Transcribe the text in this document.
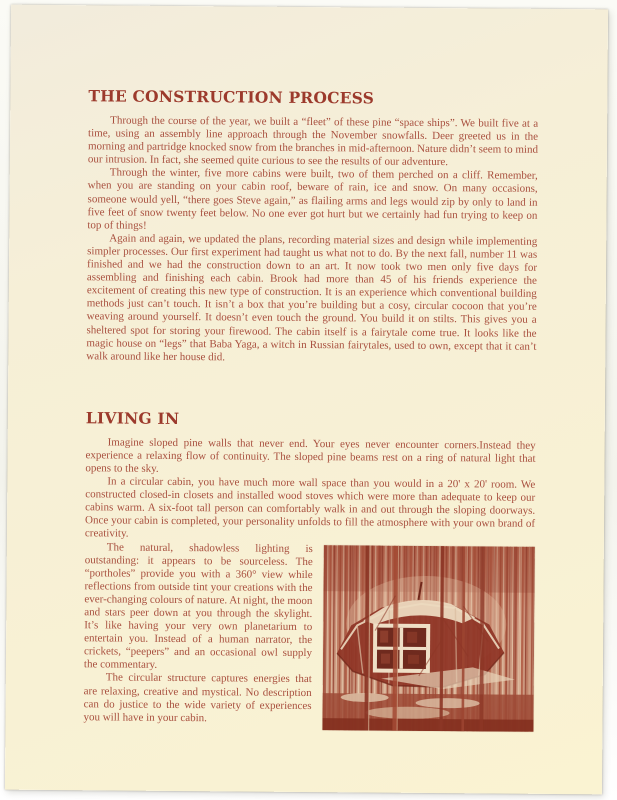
THE CONSTRUCTION PROCESS

Through the course of the year, we built a “fleet” of these pine “space ships”. We built five at a time, using an assembly line approach through the November snowfalls. Deer greeted us in the morning and partridge knocked snow from the branches in mid-afternoon. Nature didn’t seem to mind our intrusion. In fact, she seemed quite curious to see the results of our adventure.

Through the winter, five more cabins were built, two of them perched on a cliff. Remember, when you are standing on your cabin roof, beware of rain, ice and snow. On many occasions, someone would yell, “there goes Steve again,” as flailing arms and legs would zip by only to land in five feet of snow twenty feet below. No one ever got hurt but we certainly had fun trying to keep on top of things!

Again and again, we updated the plans, recording material sizes and design while implementing simpler processes. Our first experiment had taught us what not to do. By the next fall, number 11 was finished and we had the construction down to an art. It now took two men only five days for assembling and finishing each cabin. Brook had more than 45 of his friends experience the excitement of creating this new type of construction. It is an experience which conventional building methods just can’t touch. It isn’t a box that you’re building but a cosy, circular cocoon that you’re weaving around yourself. It doesn’t even touch the ground. You build it on stilts. This gives you a sheltered spot for storing your firewood. The cabin itself is a fairytale come true. It looks like the magic house on “legs” that Baba Yaga, a witch in Russian fairytales, used to own, except that it can’t walk around like her house did.

LIVING IN

Imagine sloped pine walls that never end. Your eyes never encounter corners.Instead they experience a relaxing flow of continuity. The sloped pine beams rest on a ring of natural light that opens to the sky.

In a circular cabin, you have much more wall space than you would in a 20' x 20' room. We constructed closed-in closets and installed wood stoves which were more than adequate to keep our cabins warm. A six-foot tall person can comfortably walk in and out through the sloping doorways. Once your cabin is completed, your personality unfolds to fill the atmosphere with your own brand of creativity.

The natural, shadowless lighting is outstanding: it appears to be sourceless. The “portholes” provide you with a 360° view while reflections from outside tint your creations with the ever-changing colours of nature. At night, the moon and stars peer down at you through the skylight. It’s like having your very own planetarium to entertain you. Instead of a human narrator, the crickets, “peepers” and an occasional owl supply the commentary.

The circular structure captures energies that are relaxing, creative and mystical. No description can do justice to the wide variety of experiences you will have in your cabin.
